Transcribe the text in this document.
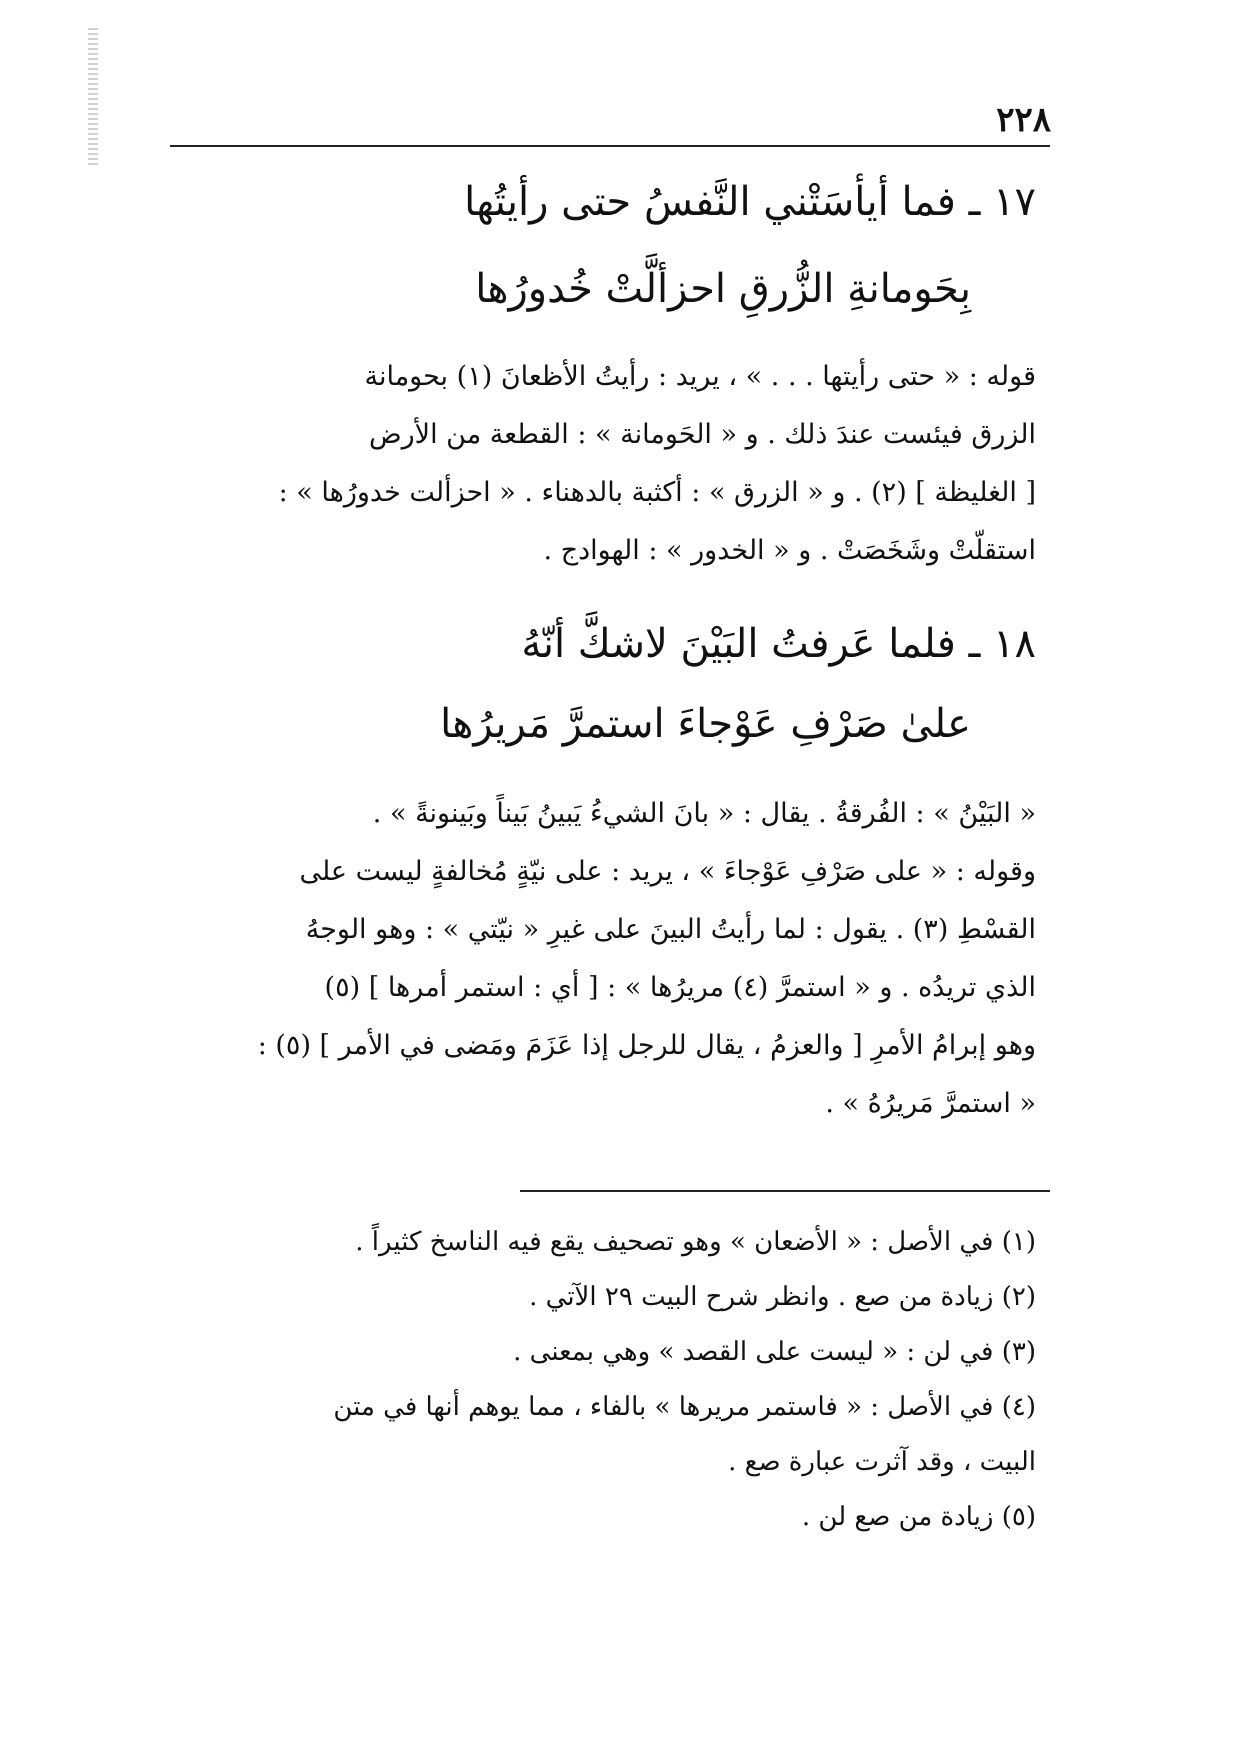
٢٢٨
١٧ ـ فما أيأسَتْني النَّفسُ حتى رأيتُها
بِحَومانةِ الزُّرقِ احزألَّتْ خُدورُها
قوله : « حتى رأيتها . . . » ، يريد : رأيتُ الأظعانَ (١) بحومانة
الزرق فيئست عندَ ذلك . و « الحَومانة » : القطعة من الأرض
[ الغليظة ] (٢) . و « الزرق » : أكثبة بالدهناء . « احزألت خدورُها » :
استقلّتْ وشَخَصَتْ . و « الخدور » : الهوادج .
١٨ ـ فلما عَرفتُ البَيْنَ لاشكَّ أنّهُ
علىٰ صَرْفِ عَوْجاءَ استمرَّ مَريرُها
« البَيْنُ » : الفُرقةُ . يقال : « بانَ الشيءُ يَبينُ بَيناً وبَينونةً » .
وقوله : « على صَرْفِ عَوْجاءَ » ، يريد : على نيّةٍ مُخالفةٍ ليست على
القسْطِ (٣) . يقول : لما رأيتُ البينَ على غيرِ « نيّتي » : وهو الوجهُ
الذي تريدُه . و « استمرَّ (٤) مريرُها » : [ أي : استمر أمرها ] (٥)
وهو إبرامُ الأمرِ [ والعزمُ ، يقال للرجل إذا عَزَمَ ومَضى في الأمر ] (٥) :
« استمرَّ مَريرُهُ » .
(١) في الأصل : « الأضعان » وهو تصحيف يقع فيه الناسخ كثيراً .
(٢) زيادة من صع . وانظر شرح البيت ٢٩ الآتي .
(٣) في لن : « ليست على القصد » وهي بمعنى .
(٤) في الأصل : « فاستمر مريرها » بالفاء ، مما يوهم أنها في متن
البيت ، وقد آثرت عبارة صع .
(٥) زيادة من صع لن .
